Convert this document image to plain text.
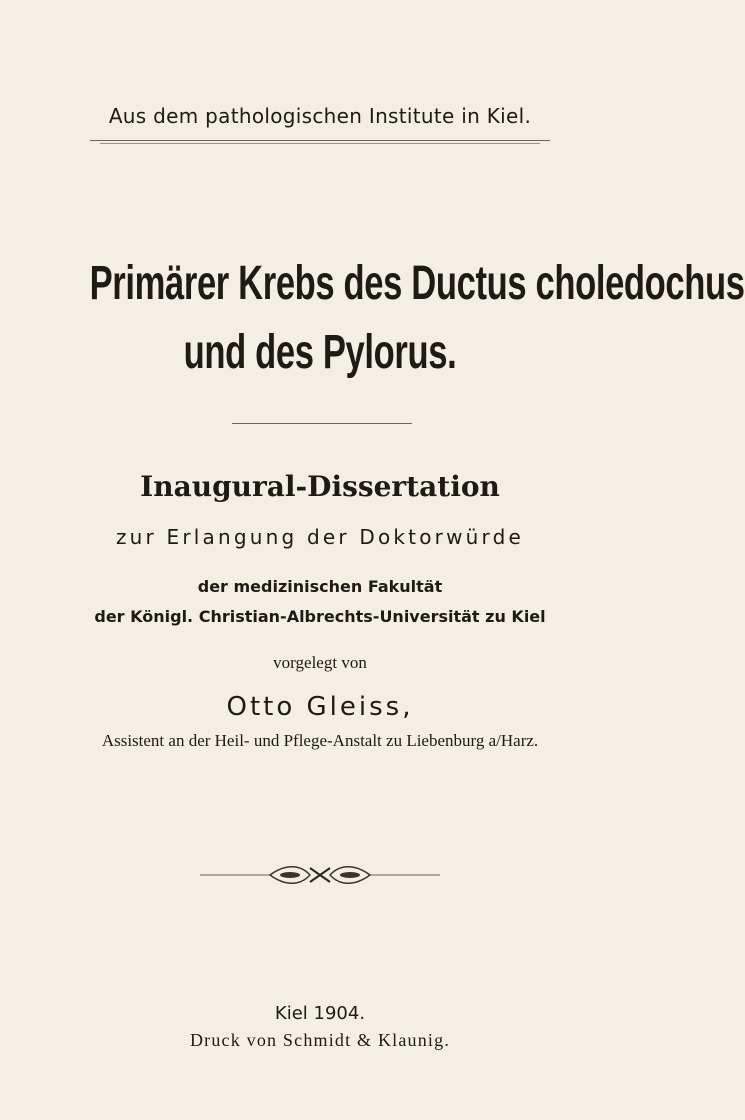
Aus dem pathologischen Institute in Kiel.
Primärer Krebs des Ductus choledochus
und des Pylorus.
Inaugural-Dissertation
zur Erlangung der Doktorwürde
der medizinischen Fakultät
der Königl. Christian-Albrechts-Universität zu Kiel
vorgelegt von
Otto Gleiss,
Assistent an der Heil- und Pflege-Anstalt zu Liebenburg a/Harz.
Kiel 1904.
Druck von Schmidt & Klaunig.
